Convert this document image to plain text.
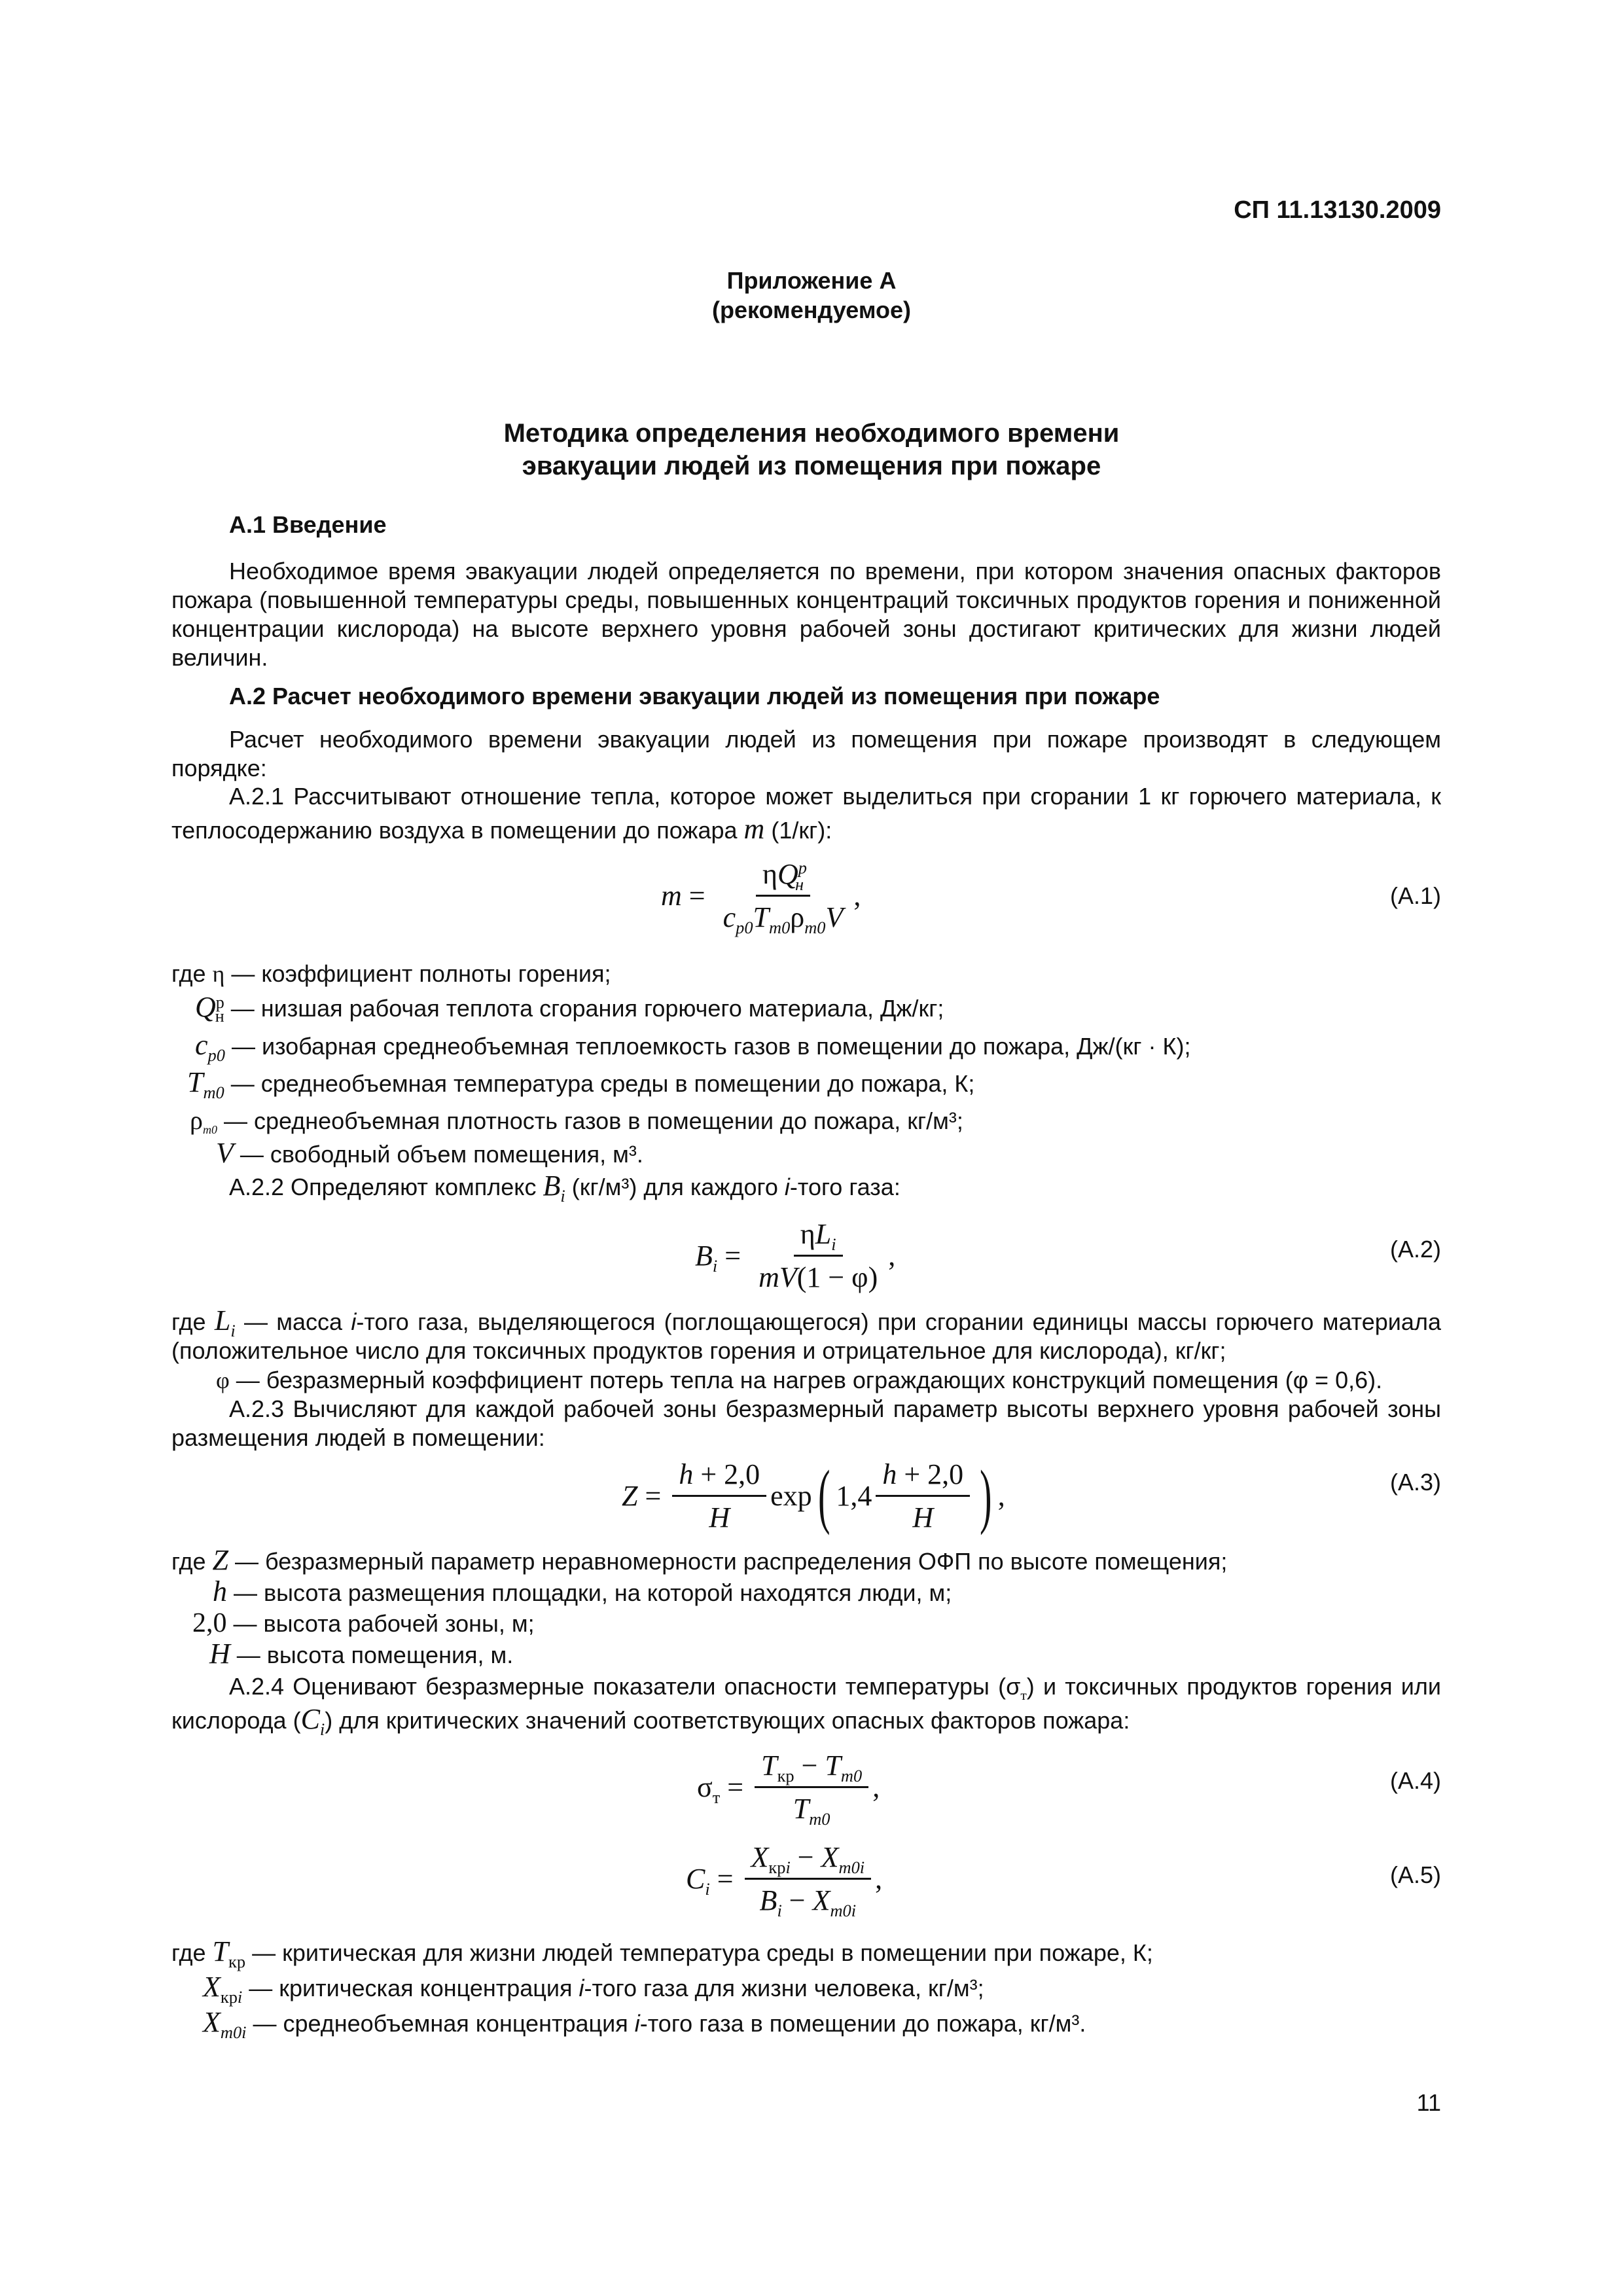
СП 11.13130.2009
Приложение А
(рекомендуемое)
Методика определения необходимого времени
эвакуации людей из помещения при пожаре
А.1 Введение
Необходимое время эвакуации людей определяется по времени, при котором значения опасных факторов пожара (повышенной температуры среды, повышенных концентраций токсичных продуктов горения и пониженной концентрации кислорода) на высоте верхнего уровня рабочей зоны достигают критических для жизни людей величин.
А.2 Расчет необходимого времени эвакуации людей из помещения при пожаре
Расчет необходимого времени эвакуации людей из помещения при пожаре производят в следующем порядке:
А.2.1 Рассчитывают отношение тепла, которое может выделиться при сгорании 1 кг горючего материала, к теплосодержанию воздуха в помещении до пожара m (1/кг):
$m = \frac{\eta Q^р_н}{c_{p0}T_{m0}\rho_{m0}V}$ ,	(А.1)
где η — коэффициент полноты горения;
$Q^р_н$ — низшая рабочая теплота сгорания горючего материала, Дж/кг;
$c_{p0}$ — изобарная среднеобъемная теплоемкость газов в помещении до пожара, Дж/(кг · К);
$T_{m0}$ — среднеобъемная температура среды в помещении до пожара, К;
$\rho_{m0}$ — среднеобъемная плотность газов в помещении до пожара, кг/м³;
V — свободный объем помещения, м³.
А.2.2 Определяют комплекс $B_i$ (кг/м³) для каждого i-того газа:
$B_i = \frac{\eta L_i}{mV(1 - \varphi)}$ ,	(А.2)
где $L_i$ — масса i-того газа, выделяющегося (поглощающегося) при сгорании единицы массы горючего материала (положительное число для токсичных продуктов горения и отрицательное для кислорода), кг/кг;
φ — безразмерный коэффициент потерь тепла на нагрев ограждающих конструкций помещения (φ = 0,6).
А.2.3 Вычисляют для каждой рабочей зоны безразмерный параметр высоты верхнего уровня рабочей зоны размещения людей в помещении:
$Z = \frac{h + 2,0}{H}$ exp ( $1,4 \frac{h + 2,0}{H}$ ) ,	(А.3)
где Z — безразмерный параметр неравномерности распределения ОФП по высоте помещения;
h — высота размещения площадки, на которой находятся люди, м;
2,0 — высота рабочей зоны, м;
H — высота помещения, м.
А.2.4 Оценивают безразмерные показатели опасности температуры $(\sigma_т)$ и токсичных продуктов горения или кислорода $(C_i)$ для критических значений соответствующих опасных факторов пожара:
$\sigma_т = \frac{T_{кр} - T_{m0}}{T_{m0}}$ ,	(А.4)
$C_i = \frac{X_{крi} - X_{m0i}}{B_i - X_{m0i}}$ ,	(А.5)
где $T_{кр}$ — критическая для жизни людей температура среды в помещении при пожаре, К;
$X_{крi}$ — критическая концентрация i-того газа для жизни человека, кг/м³;
$X_{m0i}$ — среднеобъемная концентрация i-того газа в помещении до пожара, кг/м³.
11
